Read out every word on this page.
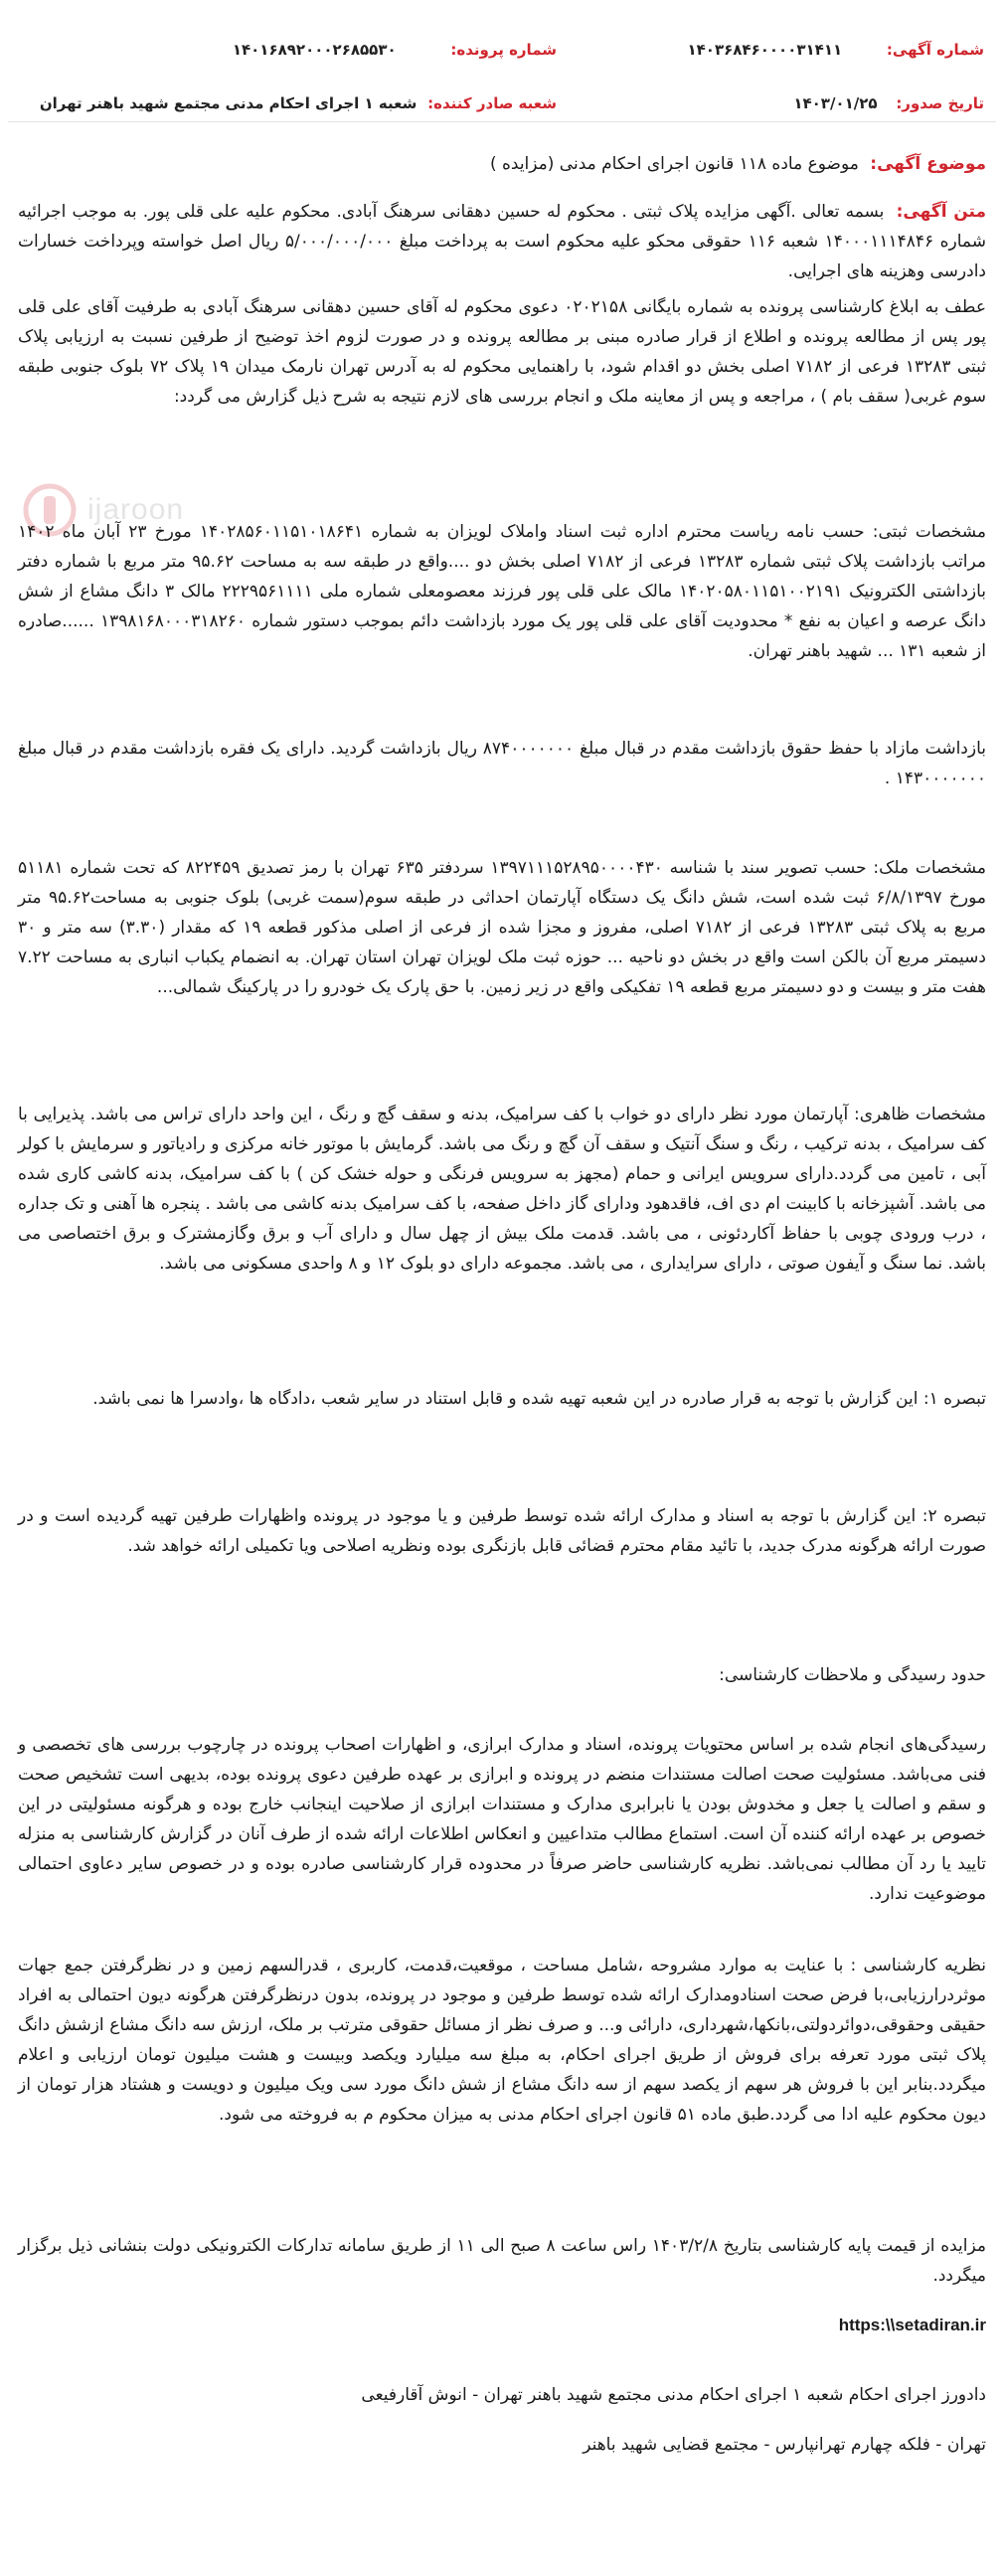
شماره آگهی: ۱۴۰۳۶۸۴۶۰۰۰۰۳۱۴۱۱
شماره پرونده: ۱۴۰۱۶۸۹۲۰۰۰۲۶۸۵۵۳۰
تاریخ صدور: ۱۴۰۳/۰۱/۲۵
شعبه صادر کننده: شعبه ۱ اجرای احکام مدنی مجتمع شهید باهنر تهران
موضوع آگهی: موضوع ماده ۱۱۸ قانون اجرای احکام مدنی (مزایده )
متن آگهی: بسمه تعالی .آگهی مزایده پلاک ثبتی . محکوم له حسین دهقانی سرهنگ آبادی. محکوم علیه علی قلی پور. به موجب اجرائیه شماره ۱۴۰۰۰۱۱۱۴۸۴۶ شعبه ۱۱۶ حقوقی محکو علیه محکوم است به پرداخت مبلغ ۵/۰۰۰/۰۰۰/۰۰۰ ریال اصل خواسته وپرداخت خسارات دادرسی وهزینه های اجرایی.

عطف به ابلاغ کارشناسی پرونده به شماره بایگانی ۰۲۰۲۱۵۸ دعوی محکوم له آقای حسین دهقانی سرهنگ آبادی به طرفیت آقای علی قلی پور پس از مطالعه پرونده و اطلاع از قرار صادره مبنی بر مطالعه پرونده و در صورت لزوم اخذ توضیح از طرفین نسبت به ارزیابی پلاک ثبتی ۱۳۲۸۳ فرعی از ۷۱۸۲ اصلی بخش دو اقدام شود، با راهنمایی محکوم له به آدرس تهران نارمک میدان ۱۹ پلاک ۷۲ بلوک جنوبی طبقه سوم غربی( سقف بام ) ، مراجعه و پس از معاینه ملک و انجام بررسی های لازم نتیجه به شرح ذیل گزارش می گردد:

ijaroon

مشخصات ثبتی: حسب نامه ریاست محترم اداره ثبت اسناد واملاک لویزان به شماره ۱۴۰۲۸۵۶۰۱۱۵۱۰۱۸۶۴۱ مورخ ۲۳ آبان ماه ۱۴۰۲ مراتب بازداشت پلاک ثبتی شماره ۱۳۲۸۳ فرعی از ۷۱۸۲ اصلی بخش دو ....واقع در طبقه سه به مساحت ۹۵.۶۲ متر مربع با شماره دفتر بازداشتی الکترونیک ۱۴۰۲۰۵۸۰۱۱۵۱۰۰۲۱۹۱ مالک علی قلی پور فرزند معصومعلی شماره ملی ۲۲۲۹۵۶۱۱۱۱ مالک ۳ دانگ مشاع از شش دانگ عرصه و اعیان به نفع * محدودیت آقای علی قلی پور یک مورد بازداشت دائم بموجب دستور شماره ۱۳۹۸۱۶۸۰۰۰۳۱۸۲۶۰ ......صادره از شعبه ۱۳۱ ... شهید باهنر تهران.

بازداشت مازاد با حفظ حقوق بازداشت مقدم در قبال مبلغ ۸۷۴۰۰۰۰۰۰۰ ریال بازداشت گردید. دارای یک فقره بازداشت مقدم در قبال مبلغ ۱۴۳۰۰۰۰۰۰۰ .

مشخصات ملک: حسب تصویر سند با شناسه ۱۳۹۷۱۱۱۵۲۸۹۵۰۰۰۰۴۳۰ سردفتر ۶۳۵ تهران با رمز تصدیق ۸۲۲۴۵۹ که تحت شماره ۵۱۱۸۱ مورخ ۶/۸/۱۳۹۷ ثبت شده است، شش دانگ یک دستگاه آپارتمان احداثی در طبقه سوم(سمت غربی) بلوک جنوبی به مساحت۹۵.۶۲ متر مربع به پلاک ثبتی ۱۳۲۸۳ فرعی از ۷۱۸۲ اصلی، مفروز و مجزا شده از فرعی از اصلی مذکور قطعه ۱۹ که مقدار (۳.۳۰) سه متر و ۳۰ دسیمتر مربع آن بالکن است واقع در بخش دو ناحیه ... حوزه ثبت ملک لویزان تهران استان تهران. به انضمام یکباب انباری به مساحت ۷.۲۲ هفت متر و بیست و دو دسیمتر مربع قطعه ۱۹ تفکیکی واقع در زیر زمین. با حق پارک یک خودرو را در پارکینگ شمالی...

مشخصات ظاهری: آپارتمان مورد نظر دارای دو خواب با کف سرامیک، بدنه و سقف گچ و رنگ ، این واحد دارای تراس می باشد. پذیرایی با کف سرامیک ، بدنه ترکیب ، رنگ و سنگ آنتیک و سقف آن گچ و رنگ می باشد. گرمایش با موتور خانه مرکزی و رادیاتور و سرمایش با کولر آبی ، تامین می گردد.دارای سرویس ایرانی و حمام (مجهز به سرویس فرنگی و حوله خشک کن ) با کف سرامیک، بدنه کاشی کاری شده می باشد. آشپزخانه با کابینت ام دی اف، فاقدهود ودارای گاز داخل صفحه، با کف سرامیک بدنه کاشی می باشد . پنجره ها آهنی و تک جداره ، درب ورودی چوبی با حفاظ آکاردئونی ، می باشد. قدمت ملک بیش از چهل سال و دارای آب و برق وگازمشترک و برق اختصاصی می باشد. نما سنگ و آیفون صوتی ، دارای سرایداری ، می باشد. مجموعه دارای دو بلوک ۱۲ و ۸ واحدی مسکونی می باشد.

تبصره ۱: این گزارش با توجه به قرار صادره در این شعبه تهیه شده و قابل استناد در سایر شعب ،دادگاه ها ،وادسرا ها نمی باشد.

تبصره ۲: این گزارش با توجه به اسناد و مدارک ارائه شده توسط طرفین و یا موجود در پرونده واظهارات طرفین تهیه گردیده است و در صورت ارائه هرگونه مدرک جدید، با تائید مقام محترم قضائی قابل بازنگری بوده ونظریه اصلاحی ویا تکمیلی ارائه خواهد شد.

حدود رسیدگی و ملاحظات کارشناسی:

رسیدگی‌های انجام شده بر اساس محتویات پرونده، اسناد و مدارک ابرازی، و اظهارات اصحاب پرونده در چارچوب بررسی های تخصصی و فنی می‌باشد. مسئولیت صحت اصالت مستندات منضم در پرونده و ابرازی بر عهده طرفین دعوی پرونده بوده، بدیهی است تشخیص صحت و سقم و اصالت یا جعل و مخدوش بودن یا نابرابری مدارک و مستندات ابرازی از صلاحیت اینجانب خارج بوده و هرگونه مسئولیتی در این خصوص بر عهده ارائه کننده آن است. استماع مطالب متداعیین و انعکاس اطلاعات ارائه شده از طرف آنان در گزارش کارشناسی به منزله تایید یا رد آن مطالب نمی‌باشد. نظریه کارشناسی حاضر صرفاً در محدوده قرار کارشناسی صادره بوده و در خصوص سایر دعاوی احتمالی موضوعیت ندارد.

نظریه کارشناسی : با عنایت به موارد مشروحه ،شامل مساحت ، موقعیت،قدمت، کاربری ، قدرالسهم زمین و در نظرگرفتن جمع جهات موثردرارزیابی،با فرض صحت اسنادومدارک ارائه شده توسط طرفین و موجود در پرونده، بدون درنظرگرفتن هرگونه دیون احتمالی به افراد حقیقی وحقوقی،دوائردولتی،بانکها،شهرداری، دارائی و... و صرف نظر از مسائل حقوقی مترتب بر ملک، ارزش سه دانگ مشاع ازشش دانگ پلاک ثبتی مورد تعرفه برای فروش از طریق اجرای احکام، به مبلغ سه میلیارد ویکصد وبیست و هشت میلیون تومان ارزیابی و اعلام میگردد.بنابر این با فروش هر سهم از یکصد سهم از سه دانگ مشاع از شش دانگ مورد سی ویک میلیون و دویست و هشتاد هزار تومان از دیون محکوم علیه ادا می گردد.طبق ماده ۵۱ قانون اجرای احکام مدنی به میزان محکوم م به فروخته می شود.

مزایده از قیمت پایه کارشناسی بتاریخ ۱۴۰۳/۲/۸ راس ساعت ۸ صبح الی ۱۱ از طریق سامانه تدارکات الکترونیکی دولت بنشانی ذیل برگزار میگردد.

https:\\setadiran.ir

دادورز اجرای احکام شعبه ۱ اجرای احکام مدنی مجتمع شهید باهنر تهران - انوش آقارفیعی

تهران - فلکه چهارم تهرانپارس - مجتمع قضایی شهید باهنر
